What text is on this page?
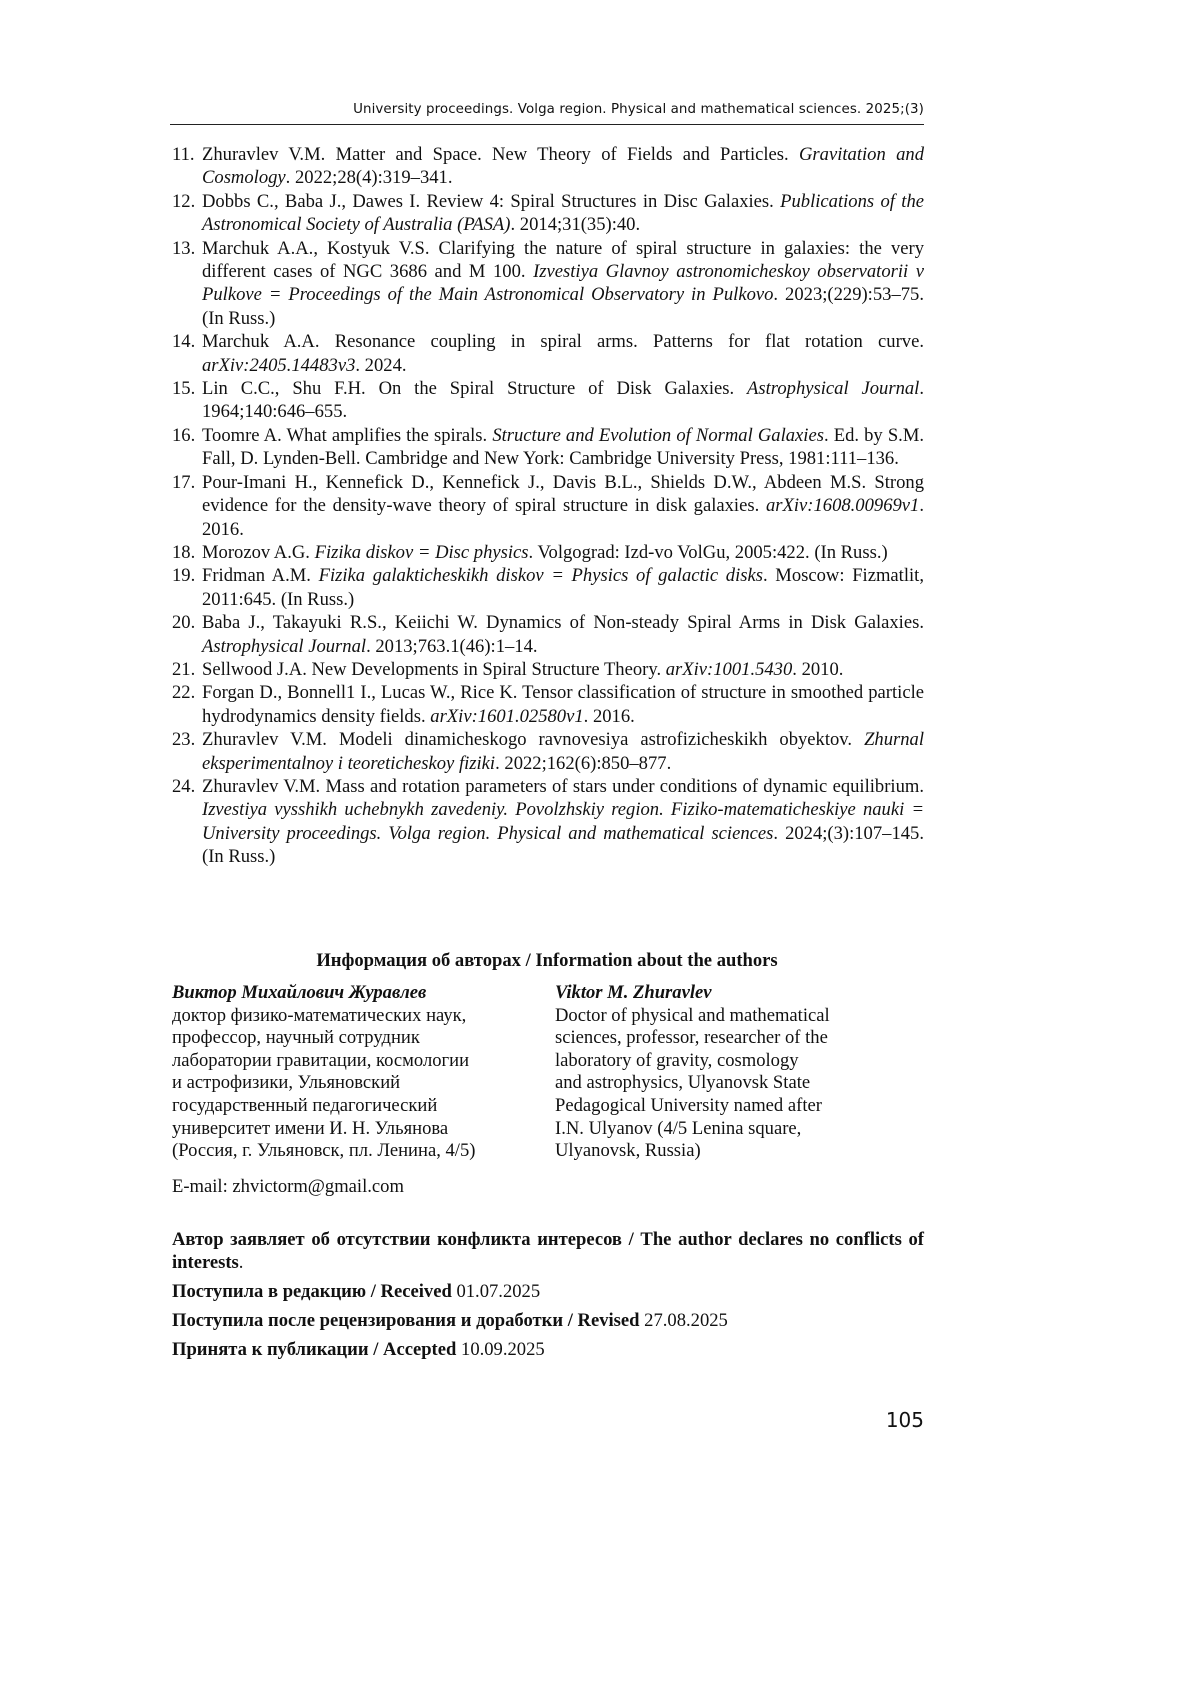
University proceedings. Volga region. Physical and mathematical sciences. 2025;(3)
11. Zhuravlev V.M. Matter and Space. New Theory of Fields and Particles. Gravitation and Cosmology. 2022;28(4):319–341.
12. Dobbs C., Baba J., Dawes I. Review 4: Spiral Structures in Disc Galaxies. Publications of the Astronomical Society of Australia (PASA). 2014;31(35):40.
13. Marchuk A.A., Kostyuk V.S. Clarifying the nature of spiral structure in galaxies: the very different cases of NGC 3686 and M 100. Izvestiya Glavnoy astronomicheskoy observatorii v Pulkove = Proceedings of the Main Astronomical Observatory in Pulkovo. 2023;(229):53–75. (In Russ.)
14. Marchuk A.A. Resonance coupling in spiral arms. Patterns for flat rotation curve. arXiv:2405.14483v3. 2024.
15. Lin C.C., Shu F.H. On the Spiral Structure of Disk Galaxies. Astrophysical Journal. 1964;140:646–655.
16. Toomre A. What amplifies the spirals. Structure and Evolution of Normal Galaxies. Ed. by S.M. Fall, D. Lynden-Bell. Cambridge and New York: Cambridge University Press, 1981:111–136.
17. Pour-Imani H., Kennefick D., Kennefick J., Davis B.L., Shields D.W., Abdeen M.S. Strong evidence for the density-wave theory of spiral structure in disk galaxies. arXiv:1608.00969v1. 2016.
18. Morozov A.G. Fizika diskov = Disc physics. Volgograd: Izd-vo VolGu, 2005:422. (In Russ.)
19. Fridman A.M. Fizika galakticheskikh diskov = Physics of galactic disks. Moscow: Fizmatlit, 2011:645. (In Russ.)
20. Baba J., Takayuki R.S., Keiichi W. Dynamics of Non-steady Spiral Arms in Disk Galaxies. Astrophysical Journal. 2013;763.1(46):1–14.
21. Sellwood J.A. New Developments in Spiral Structure Theory. arXiv:1001.5430. 2010.
22. Forgan D., Bonnell1 I., Lucas W., Rice K. Tensor classification of structure in smoothed particle hydrodynamics density fields. arXiv:1601.02580v1. 2016.
23. Zhuravlev V.M. Modeli dinamicheskogo ravnovesiya astrofizicheskikh obyektov. Zhurnal eksperimentalnoy i teoreticheskoy fiziki. 2022;162(6):850–877.
24. Zhuravlev V.M. Mass and rotation parameters of stars under conditions of dynamic equilibrium. Izvestiya vysshikh uchebnykh zavedeniy. Povolzhskiy region. Fiziko-matematicheskiye nauki = University proceedings. Volga region. Physical and mathematical sciences. 2024;(3):107–145. (In Russ.)
Информация об авторах / Information about the authors
Виктор Михайлович Журавлев
доктор физико-математических наук,
профессор, научный сотрудник
лаборатории гравитации, космологии
и астрофизики, Ульяновский
государственный педагогический
университет имени И. Н. Ульянова
(Россия, г. Ульяновск, пл. Ленина, 4/5)
Viktor M. Zhuravlev
Doctor of physical and mathematical
sciences, professor, researcher of the
laboratory of gravity, cosmology
and astrophysics, Ulyanovsk State
Pedagogical University named after
I.N. Ulyanov (4/5 Lenina square,
Ulyanovsk, Russia)
E-mail: zhvictorm@gmail.com
Автор заявляет об отсутствии конфликта интересов / The author declares no conflicts of interests.
Поступила в редакцию / Received 01.07.2025
Поступила после рецензирования и доработки / Revised 27.08.2025
Принята к публикации / Accepted 10.09.2025
105
